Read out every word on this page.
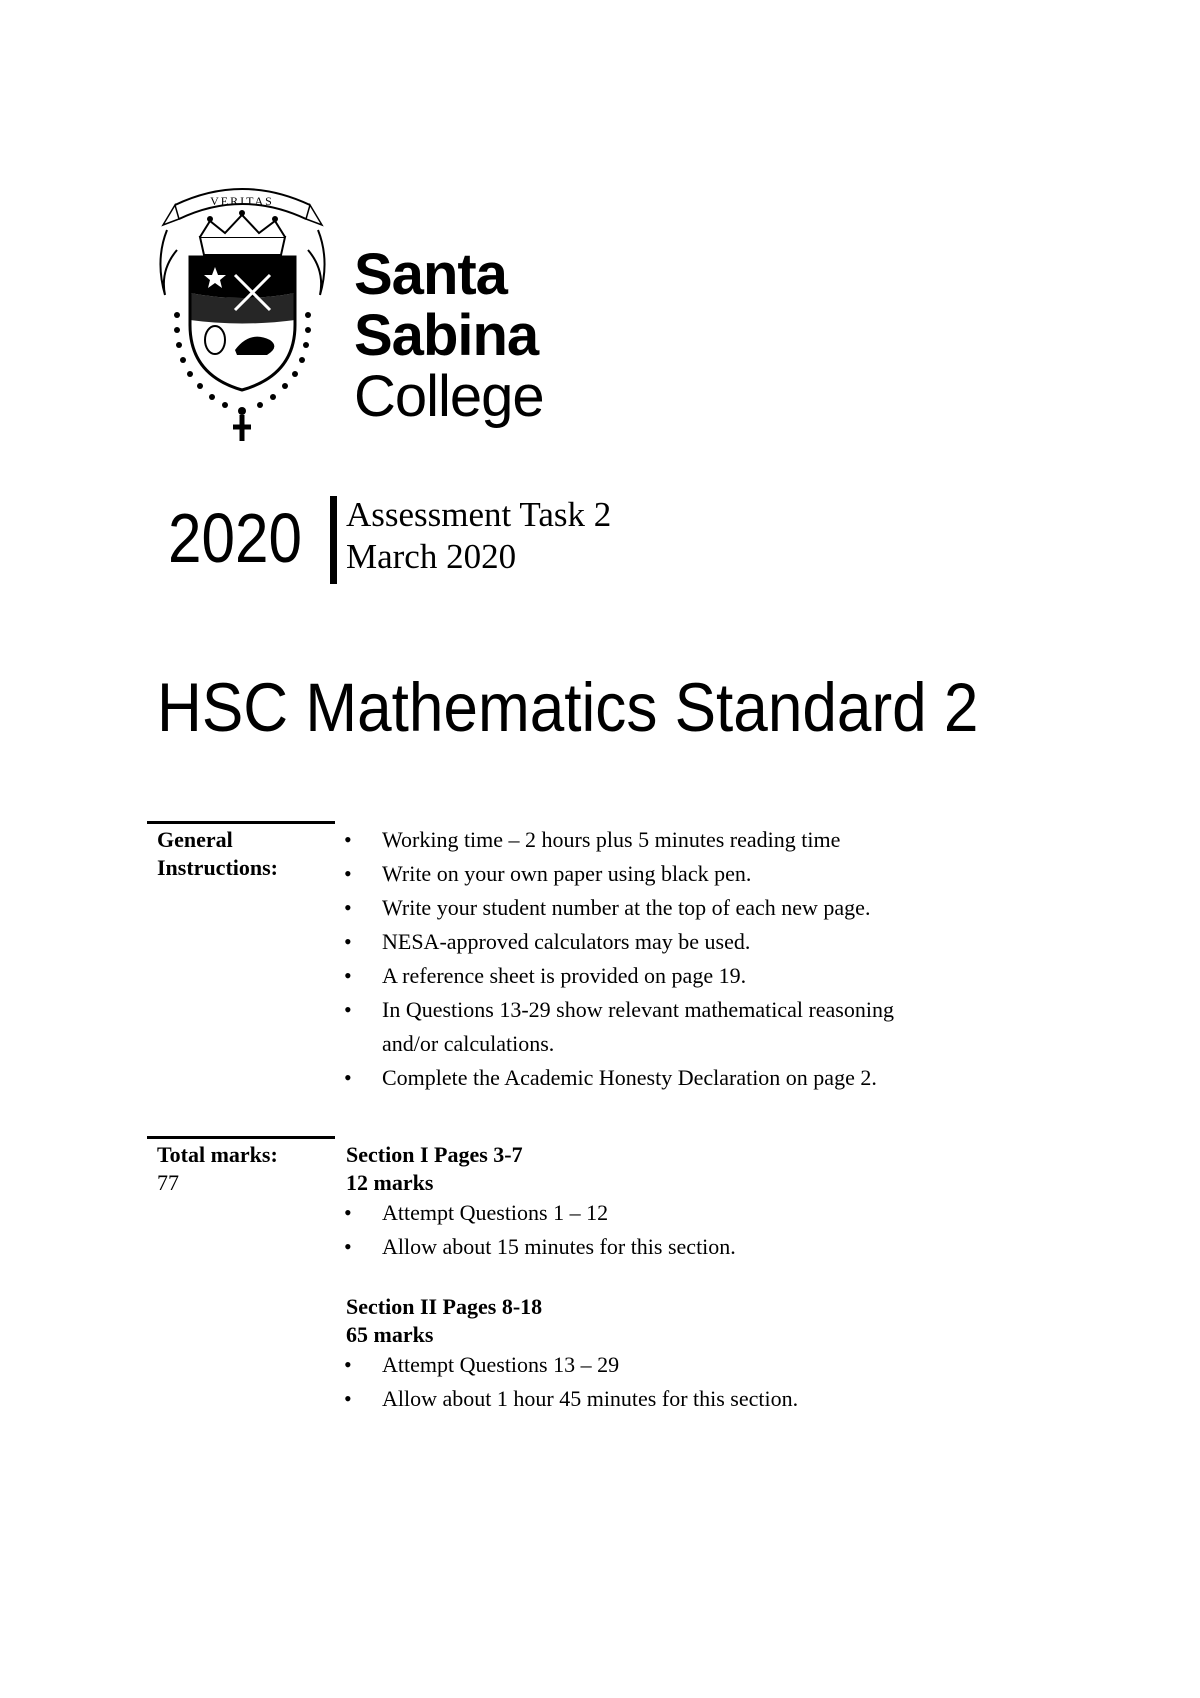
VERITAS
Santa
Sabina
College
2020 Assessment Task 2
March 2020
HSC Mathematics Standard 2
General
Instructions:
• Working time – 2 hours plus 5 minutes reading time
• Write on your own paper using black pen.
• Write your student number at the top of each new page.
• NESA-approved calculators may be used.
• A reference sheet is provided on page 19.
• In Questions 13-29 show relevant mathematical reasoning
and/or calculations.
• Complete the Academic Honesty Declaration on page 2.
Total marks:
77
Section I Pages 3-7
12 marks
• Attempt Questions 1 – 12
• Allow about 15 minutes for this section.
Section II Pages 8-18
65 marks
• Attempt Questions 13 – 29
• Allow about 1 hour 45 minutes for this section.
